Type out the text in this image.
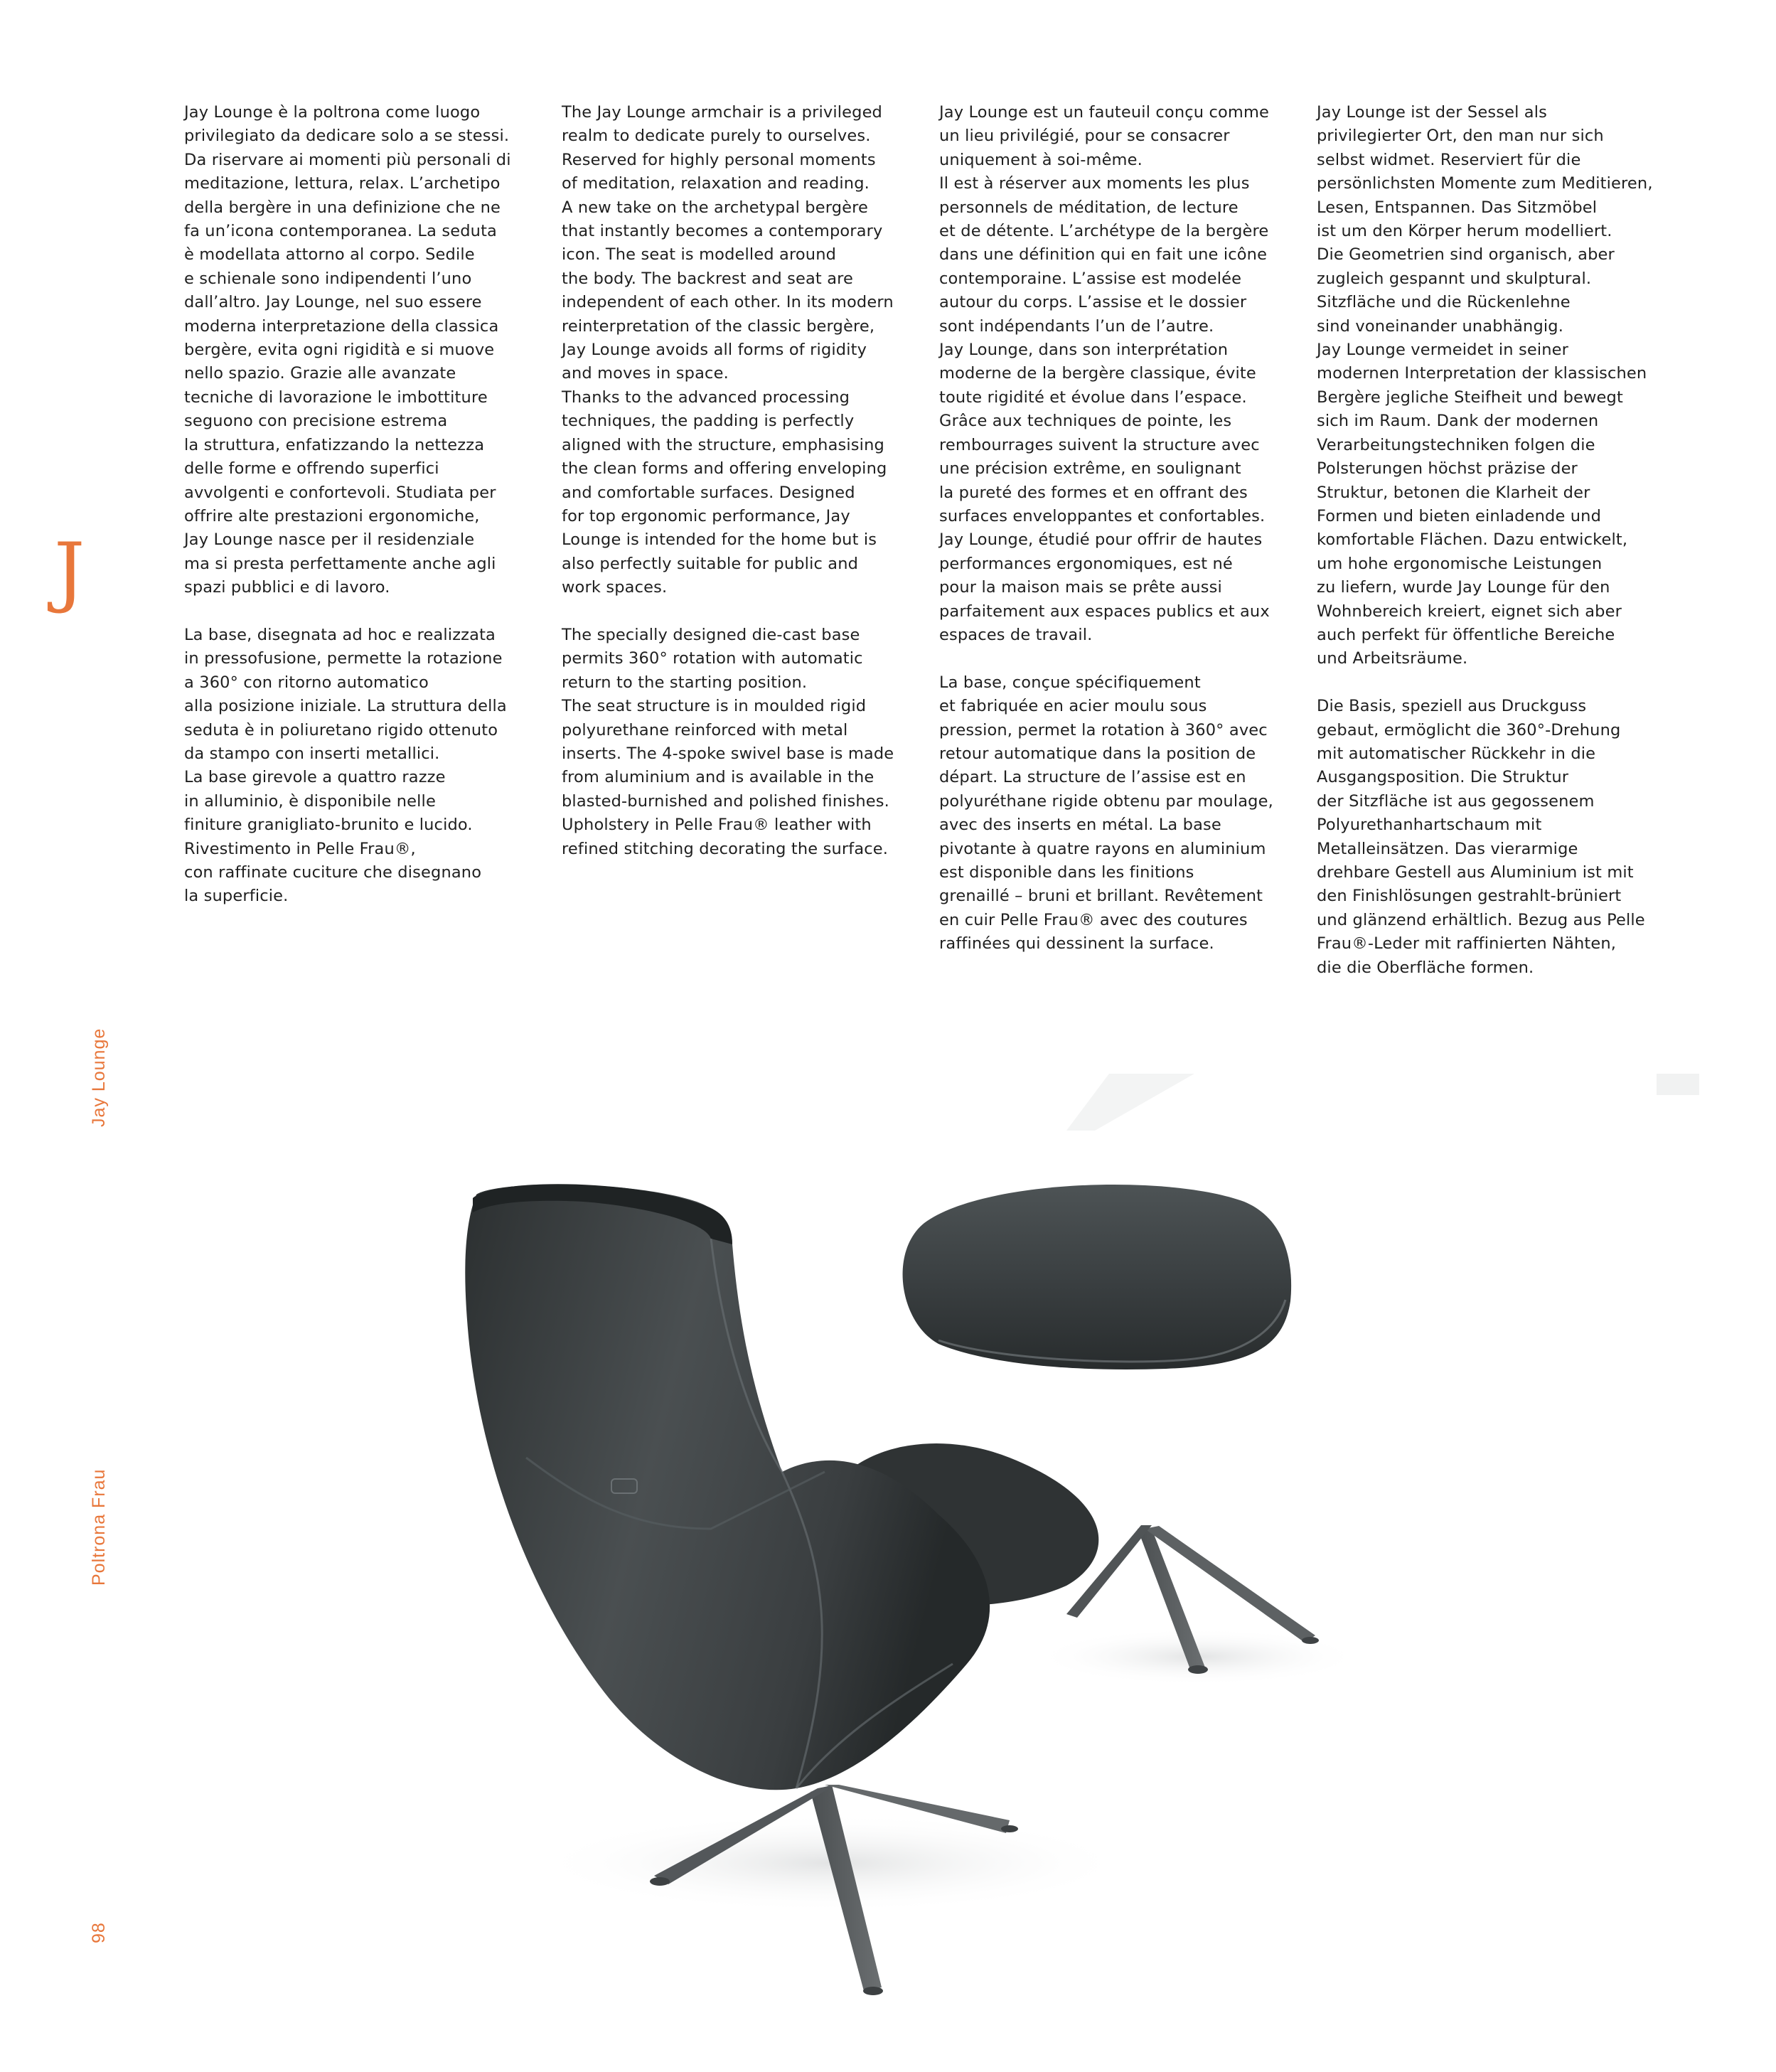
J
Jay Lounge
Poltrona Frau
98

Jay Lounge è la poltrona come luogo
privilegiato da dedicare solo a se stessi.
Da riservare ai momenti più personali di
meditazione, lettura, relax. L’archetipo
della bergère in una definizione che ne
fa un’icona contemporanea. La seduta
è modellata attorno al corpo. Sedile
e schienale sono indipendenti l’uno
dall’altro. Jay Lounge, nel suo essere
moderna interpretazione della classica
bergère, evita ogni rigidità e si muove
nello spazio. Grazie alle avanzate
tecniche di lavorazione le imbottiture
seguono con precisione estrema
la struttura, enfatizzando la nettezza
delle forme e offrendo superfici
avvolgenti e confortevoli. Studiata per
offrire alte prestazioni ergonomiche,
Jay Lounge nasce per il residenziale
ma si presta perfettamente anche agli
spazi pubblici e di lavoro.

La base, disegnata ad hoc e realizzata
in pressofusione, permette la rotazione
a 360° con ritorno automatico
alla posizione iniziale. La struttura della
seduta è in poliuretano rigido ottenuto
da stampo con inserti metallici.
La base girevole a quattro razze
in alluminio, è disponibile nelle
finiture granigliato-brunito e lucido.
Rivestimento in Pelle Frau®,
con raffinate cuciture che disegnano
la superficie.

The Jay Lounge armchair is a privileged
realm to dedicate purely to ourselves.
Reserved for highly personal moments
of meditation, relaxation and reading.
A new take on the archetypal bergère
that instantly becomes a contemporary
icon. The seat is modelled around
the body. The backrest and seat are
independent of each other. In its modern
reinterpretation of the classic bergère,
Jay Lounge avoids all forms of rigidity
and moves in space.
Thanks to the advanced processing
techniques, the padding is perfectly
aligned with the structure, emphasising
the clean forms and offering enveloping
and comfortable surfaces. Designed
for top ergonomic performance, Jay
Lounge is intended for the home but is
also perfectly suitable for public and
work spaces.

The specially designed die-cast base
permits 360° rotation with automatic
return to the starting position.
The seat structure is in moulded rigid
polyurethane reinforced with metal
inserts. The 4-spoke swivel base is made
from aluminium and is available in the
blasted-burnished and polished finishes.
Upholstery in Pelle Frau® leather with
refined stitching decorating the surface.

Jay Lounge est un fauteuil conçu comme
un lieu privilégié, pour se consacrer
uniquement à soi-même.
Il est à réserver aux moments les plus
personnels de méditation, de lecture
et de détente. L’archétype de la bergère
dans une définition qui en fait une icône
contemporaine. L’assise est modelée
autour du corps. L’assise et le dossier
sont indépendants l’un de l’autre.
Jay Lounge, dans son interprétation
moderne de la bergère classique, évite
toute rigidité et évolue dans l’espace.
Grâce aux techniques de pointe, les
rembourrages suivent la structure avec
une précision extrême, en soulignant
la pureté des formes et en offrant des
surfaces enveloppantes et confortables.
Jay Lounge, étudié pour offrir de hautes
performances ergonomiques, est né
pour la maison mais se prête aussi
parfaitement aux espaces publics et aux
espaces de travail.

La base, conçue spécifiquement
et fabriquée en acier moulu sous
pression, permet la rotation à 360° avec
retour automatique dans la position de
départ. La structure de l’assise est en
polyuréthane rigide obtenu par moulage,
avec des inserts en métal. La base
pivotante à quatre rayons en aluminium
est disponible dans les finitions
grenaillé – bruni et brillant. Revêtement
en cuir Pelle Frau® avec des coutures
raffinées qui dessinent la surface.

Jay Lounge ist der Sessel als
privilegierter Ort, den man nur sich
selbst widmet. Reserviert für die
persönlichsten Momente zum Meditieren,
Lesen, Entspannen. Das Sitzmöbel
ist um den Körper herum modelliert.
Die Geometrien sind organisch, aber
zugleich gespannt und skulptural.
Sitzfläche und die Rückenlehne
sind voneinander unabhängig.
Jay Lounge vermeidet in seiner
modernen Interpretation der klassischen
Bergère jegliche Steifheit und bewegt
sich im Raum. Dank der modernen
Verarbeitungstechniken folgen die
Polsterungen höchst präzise der
Struktur, betonen die Klarheit der
Formen und bieten einladende und
komfortable Flächen. Dazu entwickelt,
um hohe ergonomische Leistungen
zu liefern, wurde Jay Lounge für den
Wohnbereich kreiert, eignet sich aber
auch perfekt für öffentliche Bereiche
und Arbeitsräume.

Die Basis, speziell aus Druckguss
gebaut, ermöglicht die 360°-Drehung
mit automatischer Rückkehr in die
Ausgangsposition. Die Struktur
der Sitzfläche ist aus gegossenem
Polyurethanhartschaum mit
Metalleinsätzen. Das vierarmige
drehbare Gestell aus Aluminium ist mit
den Finishlösungen gestrahlt-brüniert
und glänzend erhältlich. Bezug aus Pelle
Frau®-Leder mit raffinierten Nähten,
die die Oberfläche formen.
